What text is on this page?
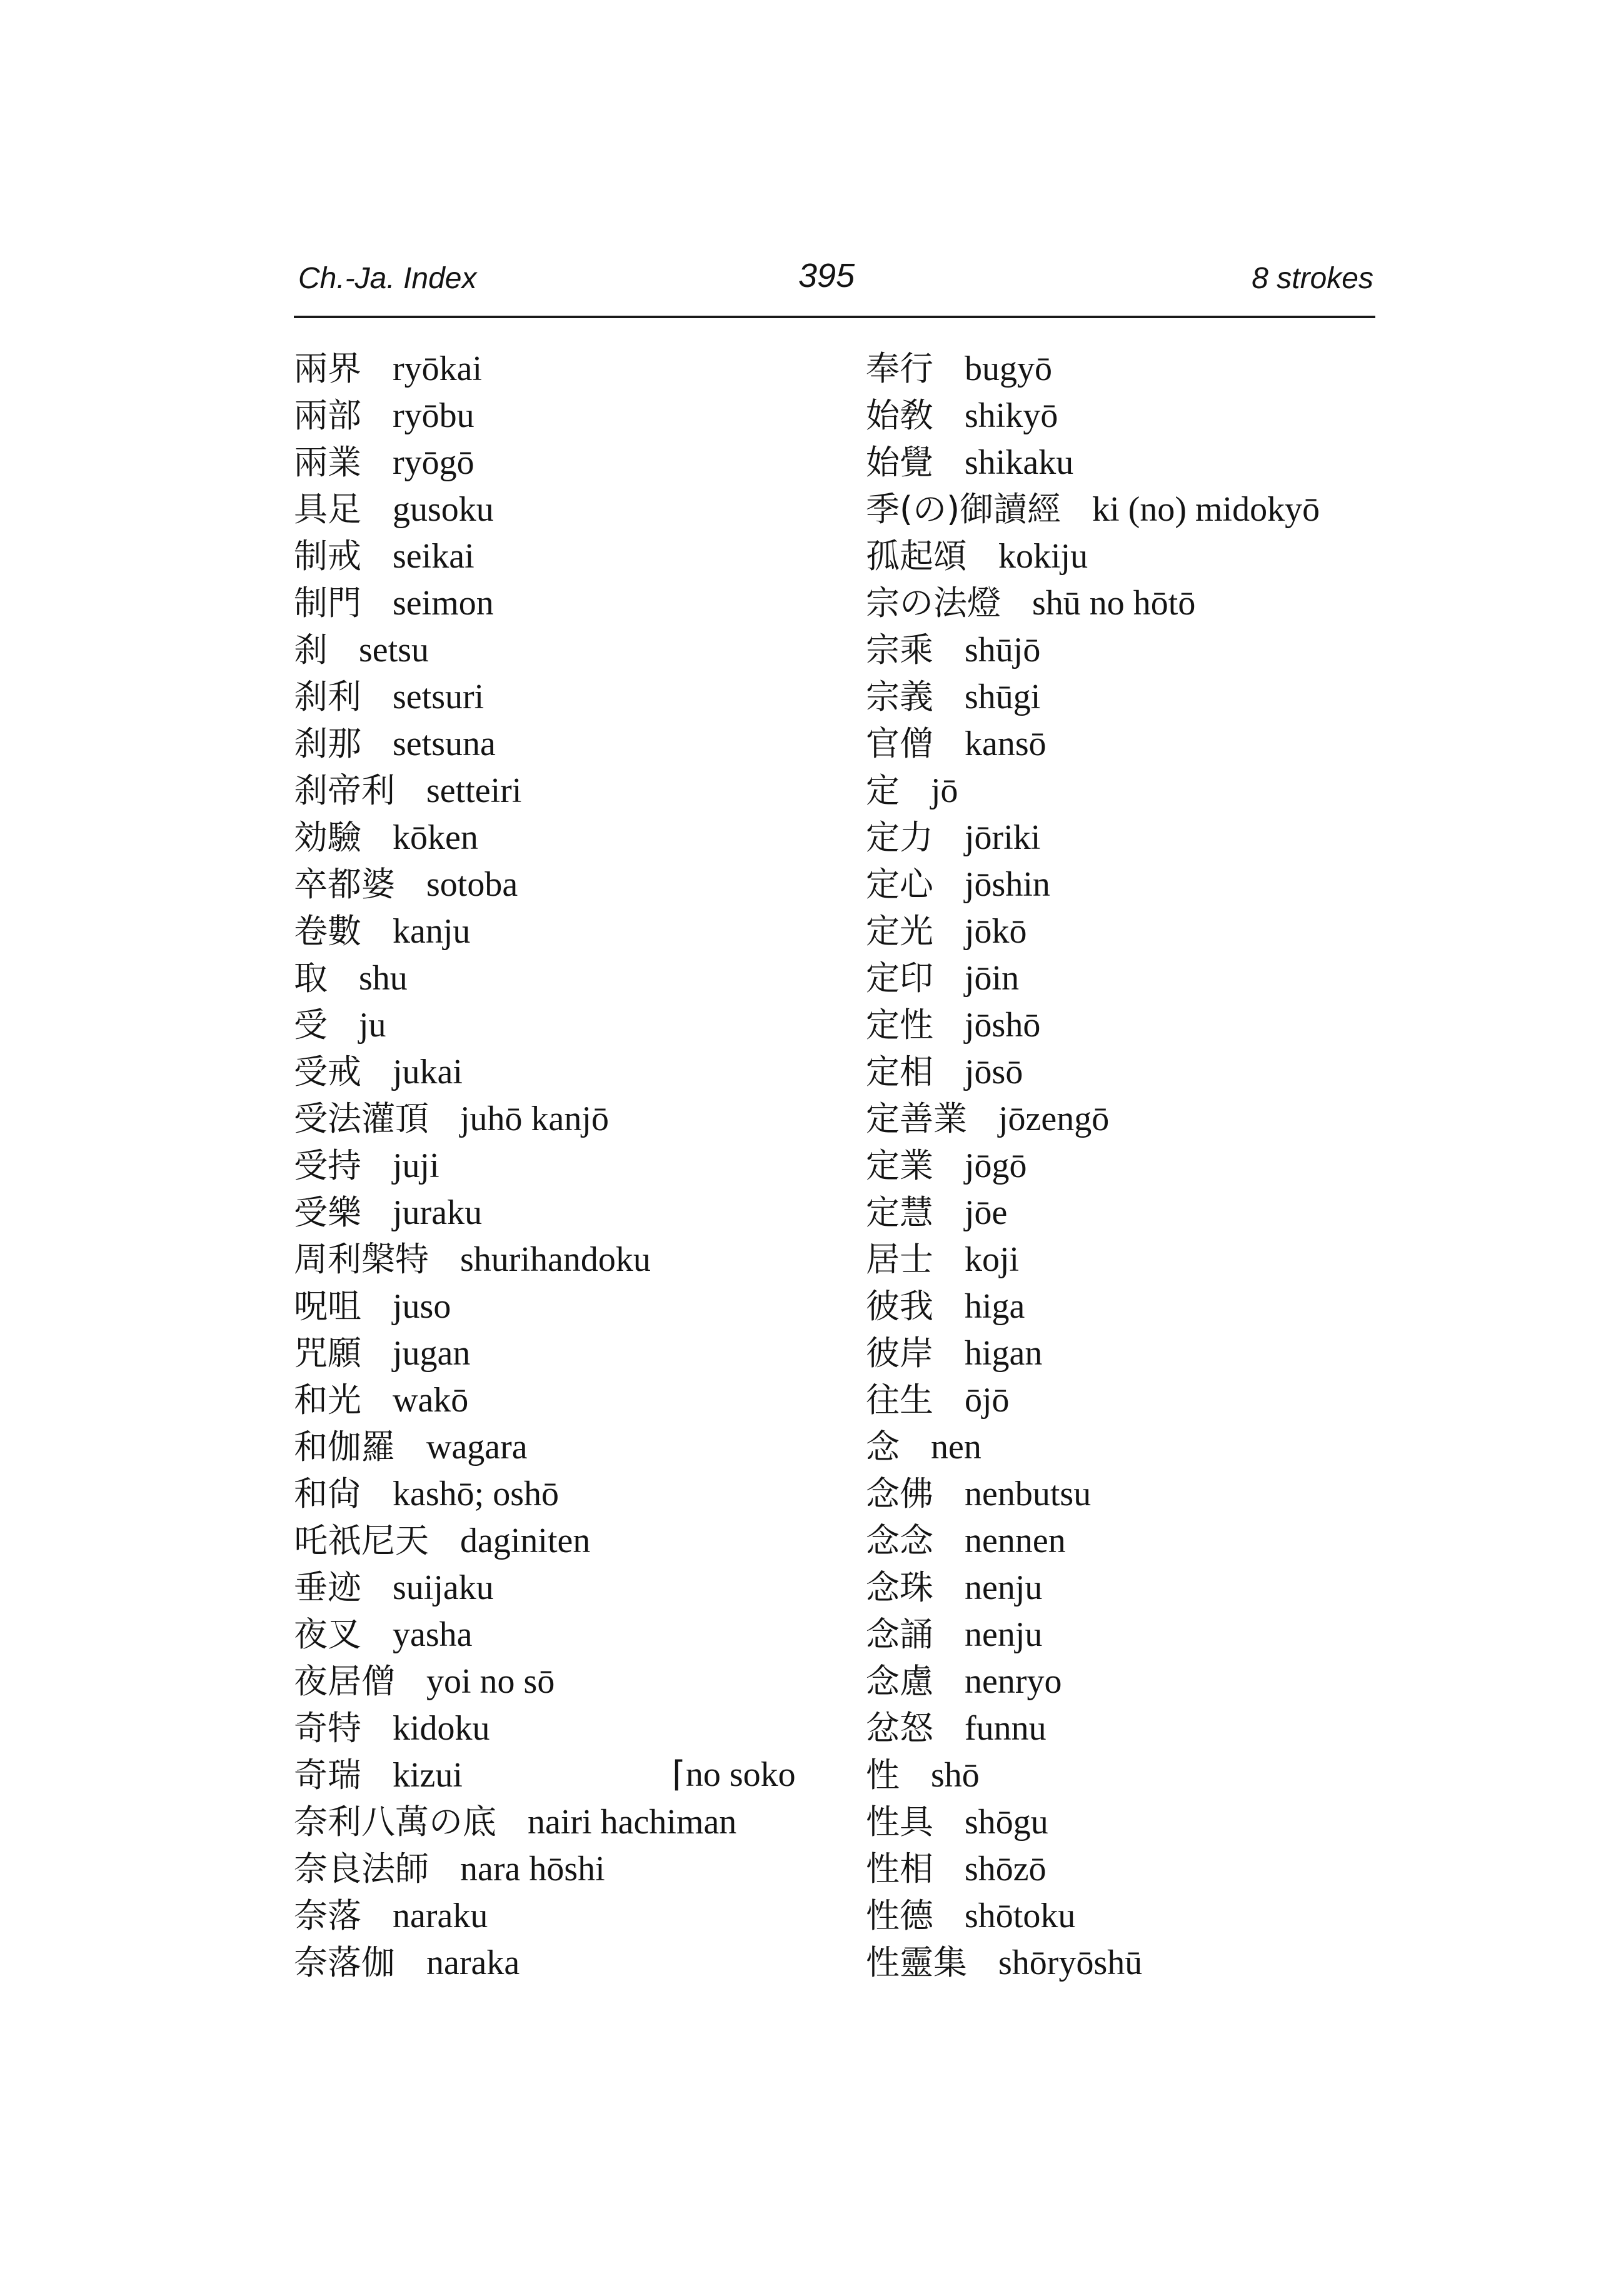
Ch.-Ja. Index	395	8 strokes
兩界 ryōkai
兩部 ryōbu
兩業 ryōgō
具足 gusoku
制戒 seikai
制門 seimon
刹 setsu
刹利 setsuri
刹那 setsuna
刹帝利 setteiri
効驗 kōken
卒都婆 sotoba
卷數 kanju
取 shu
受 ju
受戒 jukai
受法灌頂 juhō kanjō
受持 juji
受樂 juraku
周利槃特 shurihandoku
呪咀 juso
咒願 jugan
和光 wakō
和伽羅 wagara
和尙 kashō; oshō
吒祇尼天 daginiten
垂迹 suijaku
夜叉 yasha
夜居僧 yoi no sō
奇特 kidoku
奇瑞 kizui	⌈no soko
奈利八萬の底 nairi hachiman
奈良法師 nara hōshi
奈落 naraku
奈落伽 naraka
奉行 bugyō
始敎 shikyō
始覺 shikaku
季(の)御讀經 ki (no) midokyō
孤起頌 kokiju
宗の法燈 shū no hōtō
宗乘 shūjō
宗義 shūgi
官僧 kansō
定 jō
定力 jōriki
定心 jōshin
定光 jōkō
定印 jōin
定性 jōshō
定相 jōsō
定善業 jōzengō
定業 jōgō
定慧 jōe
居士 koji
彼我 higa
彼岸 higan
往生 ōjō
念 nen
念佛 nenbutsu
念念 nennen
念珠 nenju
念誦 nenju
念慮 nenryo
忿怒 funnu
性 shō
性具 shōgu
性相 shōzō
性德 shōtoku
性靈集 shōryōshū
